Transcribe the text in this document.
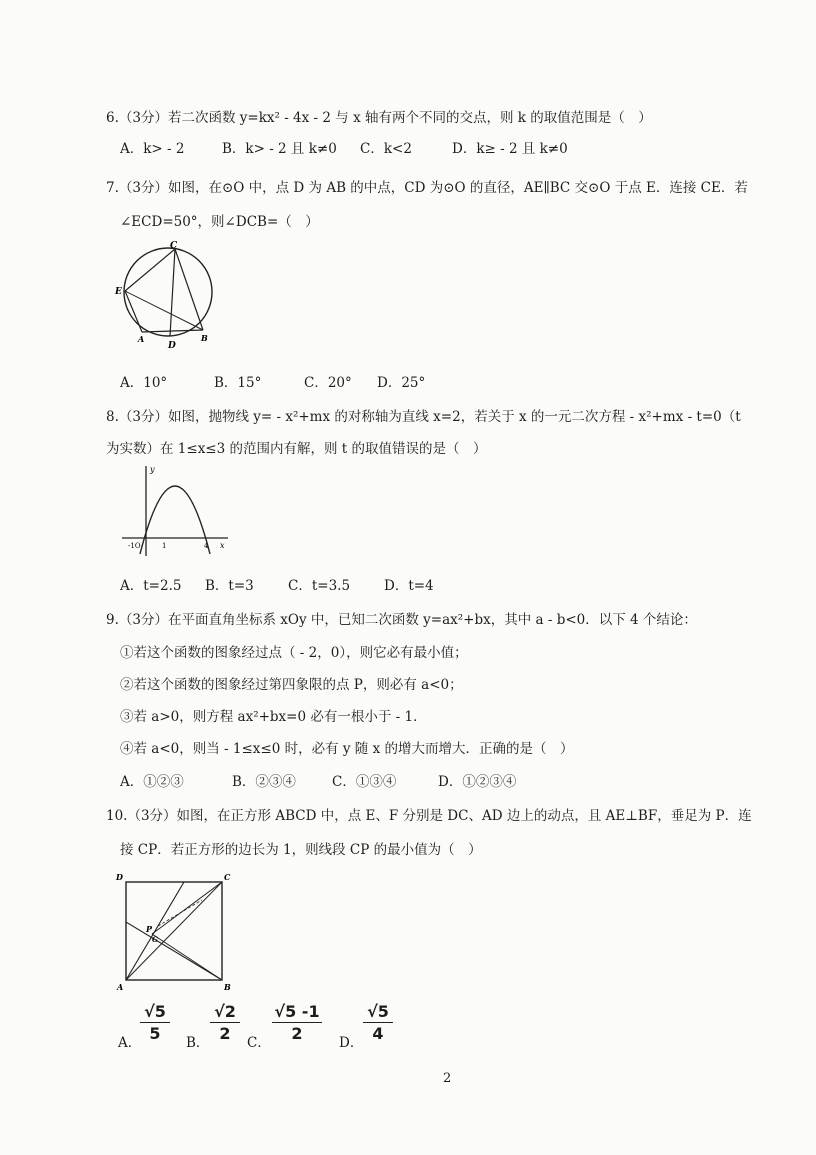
6.（3分）若二次函数 y=kx² - 4x - 2 与 x 轴有两个不同的交点，则 k 的取值范围是（　）
A．k> - 2	B．k> - 2 且 k≠0 C．k<2	D．k≥ - 2 且 k≠0
7.（3分）如图，在⊙O 中，点 D 为 AB 的中点，CD 为⊙O 的直径，AE∥BC 交⊙O 于点 E．连接 CE．若
∠ECD=50°，则∠DCB=（　）
C
E
A
D
B
A．10°	B．15°	C．20° D．25°
8.（3分）如图，抛物线 y= - x²+mx 的对称轴为直线 x=2，若关于 x 的一元二次方程 - x²+mx - t=0（t
为实数）在 1≤x≤3 的范围内有解，则 t 的取值错误的是（　）
y
x
-1O	1	4
A．t=2.5 B．t=3	C．t=3.5	D．t=4
9.（3分）在平面直角坐标系 xOy 中，已知二次函数 y=ax²+bx，其中 a - b<0．以下 4 个结论：
①若这个函数的图象经过点（ - 2，0），则它必有最小值；
②若这个函数的图象经过第四象限的点 P，则必有 a<0；
③若 a>0，则方程 ax²+bx=0 必有一根小于 - 1．
④若 a<0，则当 - 1≤x≤0 时，必有 y 随 x 的增大而增大．正确的是（　）
A．①②③	B．②③④	C．①③④	D．①②③④
10.（3分）如图，在正方形 ABCD 中，点 E、F 分别是 DC、AD 边上的动点，且 AE⊥BF，垂足为 P．连
接 CP．若正方形的边长为 1，则线段 CP 的最小值为（　）
D	C
A	B
P
G
A．
$\frac{√5}{5}$ B． $\frac{√2}{2}$ C． $\frac{√5 -1}{2}$ D． $\frac{√5}{4}$
2
